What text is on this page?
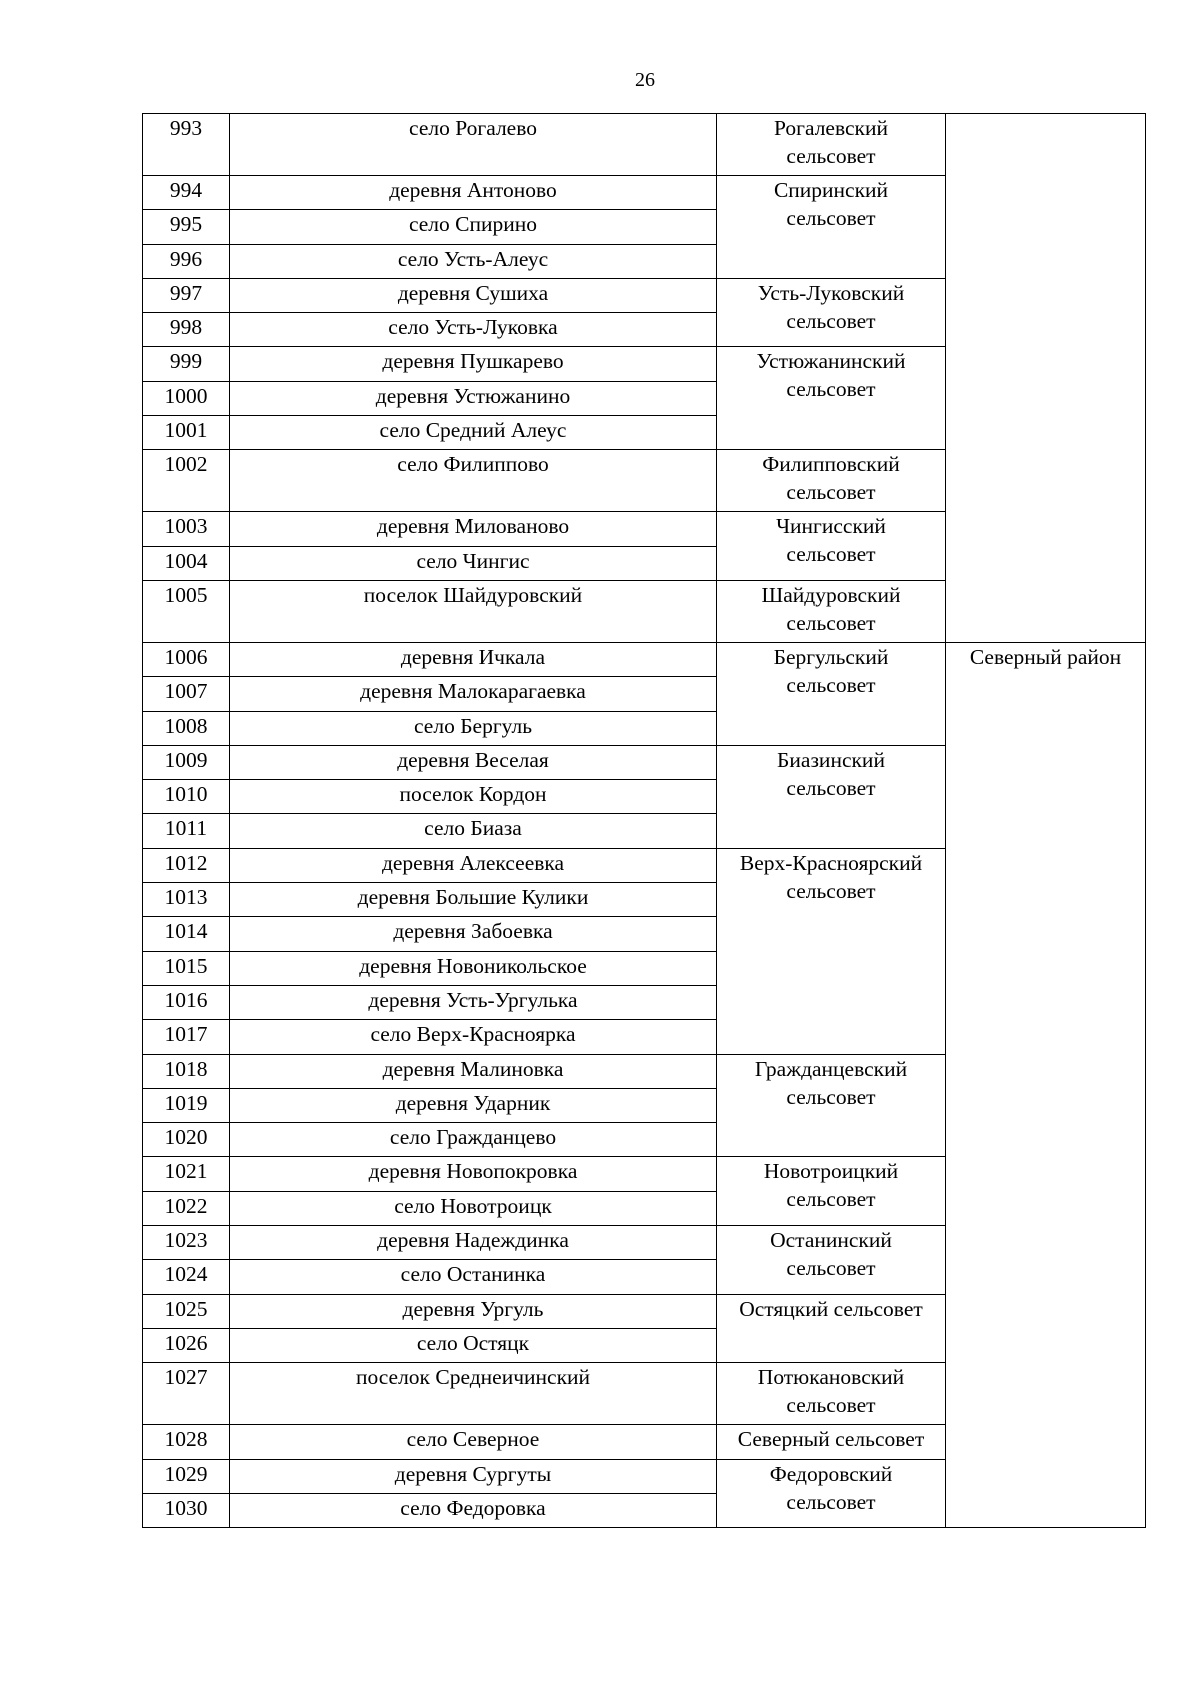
26
993	село Рогалево	Рогалевский
сельсовет	
994	деревня Антоново	Спиринский
сельсовет	
995	село Спирино		
996	село Усть-Алеус		
997	деревня Сушиха	Усть-Луковский
сельсовет	
998	село Усть-Луковка		
999	деревня Пушкарево	Устюжанинский
сельсовет	
1000	деревня Устюжанино		
1001	село Средний Алеус		
1002	село Филиппово	Филипповский
сельсовет	
1003	деревня Милованово	Чингисский
сельсовет	
1004	село Чингис		
1005	поселок Шайдуровский	Шайдуровский
сельсовет	
1006	деревня Ичкала	Бергульский
сельсовет	Северный район
1007	деревня Малокарагаевка		
1008	село Бергуль		
1009	деревня Веселая	Биазинский
сельсовет	
1010	поселок Кордон		
1011	село Биаза		
1012	деревня Алексеевка	Верх-Красноярский
сельсовет	
1013	деревня Большие Кулики		
1014	деревня Забоевка		
1015	деревня Новоникольское		
1016	деревня Усть-Ургулька		
1017	село Верх-Красноярка		
1018	деревня Малиновка	Гражданцевский
сельсовет	
1019	деревня Ударник		
1020	село Гражданцево		
1021	деревня Новопокровка	Новотроицкий
сельсовет	
1022	село Новотроицк		
1023	деревня Надеждинка	Останинский
сельсовет	
1024	село Останинка		
1025	деревня Ургуль	Остяцкий сельсовет	
1026	село Остяцк		
1027	поселок Среднеичинский	Потюкановский
сельсовет	
1028	село Северное	Северный сельсовет	
1029	деревня Сургуты	Федоровский
сельсовет	
1030	село Федоровка		
